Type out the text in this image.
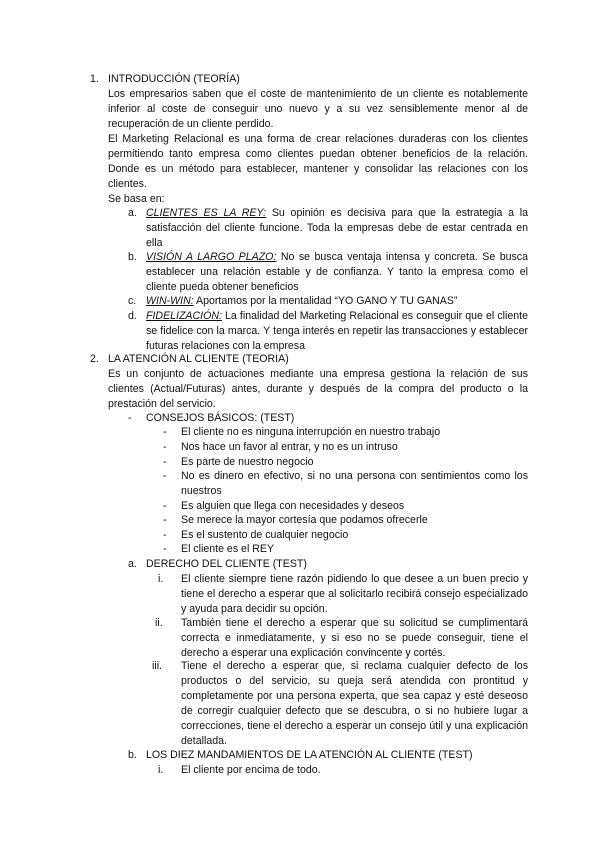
1. INTRODUCCIÓN (TEORÍA)
Los empresarios saben que el coste de mantenimiento de un cliente es notablemente inferior al coste de conseguir uno nuevo y a su vez sensiblemente menor al de recuperación de un cliente perdido.
El Marketing Relacional es una forma de crear relaciones duraderas con los clientes permitiendo tanto empresa como clientes puedan obtener beneficios de la relación. Donde es un método para establecer, mantener y consolidar las relaciones con los clientes.
Se basa en:
a. CLIENTES ES LA REY: Su opinión es decisiva para que la estrategia a la satisfacción del cliente funcione. Toda la empresas debe de estar centrada en ella
b. VISIÓN A LARGO PLAZO: No se busca ventaja intensa y concreta. Se busca establecer una relación estable y de confianza. Y tanto la empresa como el cliente pueda obtener beneficios
c. WIN-WIN: Aportamos por la mentalidad “YO GANO Y TU GANAS”
d. FIDELIZACIÓN: La finalidad del Marketing Relacional es conseguir que el cliente se fidelice con la marca. Y tenga interés en repetir las transacciones y establecer futuras relaciones con la empresa
2. LA ATENCIÓN AL CLIENTE (TEORIA)
Es un conjunto de actuaciones mediante una empresa gestiona la relación de sus clientes (Actual/Futuras) antes, durante y después de la compra del producto o la prestación del servicio.
- CONSEJOS BÁSICOS: (TEST)
- El cliente no es ninguna interrupción en nuestro trabajo
- Nos hace un favor al entrar, y no es un intruso
- Es parte de nuestro negocio
- No es dinero en efectivo, si no una persona con sentimientos como los nuestros
- Es alguien que llega con necesidades y deseos
- Se merece la mayor cortesía que podamos ofrecerle
- Es el sustento de cualquier negocio
- El cliente es el REY
a. DERECHO DEL CLIENTE (TEST)
i. El cliente siempre tiene razón pidiendo lo que desee a un buen precio y tiene el derecho a esperar que al solicitarlo recibirá consejo especializado y ayuda para decidir su opción.
ii. También tiene el derecho a esperar que su solicitud se cumplimentará correcta e inmediatamente, y si eso no se puede conseguir, tiene el derecho a esperar una explicación convincente y cortés.
iii. Tiene el derecho a esperar que, si reclama cualquier defecto de los productos o del servicio, su queja será atendida con prontitud y completamente por una persona experta, que sea capaz y esté deseoso de corregir cualquier defecto que se descubra, o si no hubiere lugar a correcciones, tiene el derecho a esperar un consejo útil y una explicación detallada.
b. LOS DIEZ MANDAMIENTOS DE LA ATENCIÓN AL CLIENTE (TEST)
i. El cliente por encima de todo.
